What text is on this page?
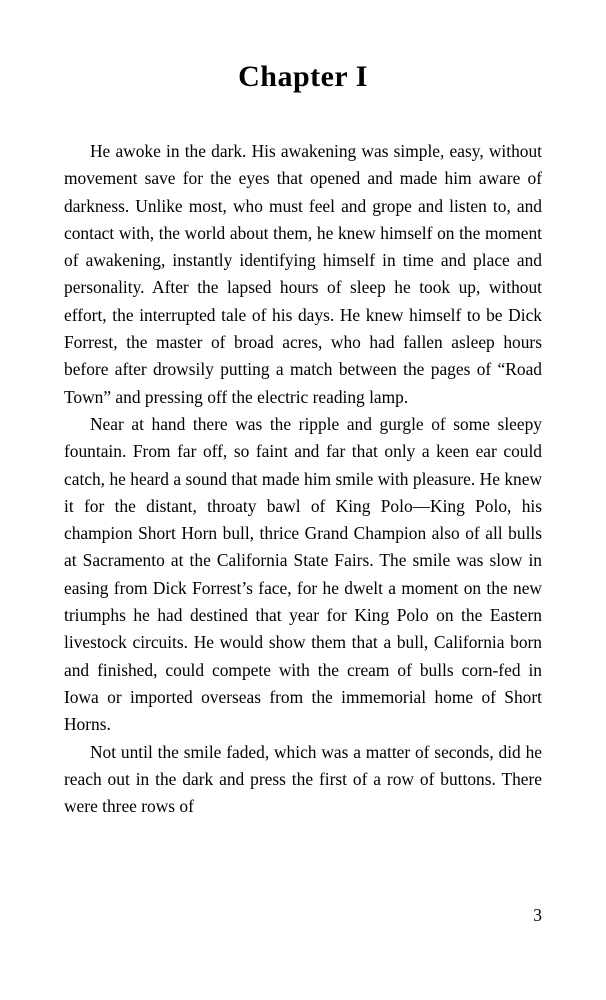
Chapter I

He awoke in the dark. His awakening was simple, easy, without movement save for the eyes that opened and made him aware of darkness. Unlike most, who must feel and grope and listen to, and contact with, the world about them, he knew himself on the moment of awakening, instantly identifying himself in time and place and personality. After the lapsed hours of sleep he took up, without effort, the interrupted tale of his days. He knew himself to be Dick Forrest, the master of broad acres, who had fallen asleep hours before after drowsily putting a match between the pages of “Road Town” and pressing off the electric reading lamp.

Near at hand there was the ripple and gurgle of some sleepy fountain. From far off, so faint and far that only a keen ear could catch, he heard a sound that made him smile with pleasure. He knew it for the distant, throaty bawl of King Polo—King Polo, his champion Short Horn bull, thrice Grand Champion also of all bulls at Sacramento at the California State Fairs. The smile was slow in easing from Dick Forrest’s face, for he dwelt a moment on the new triumphs he had destined that year for King Polo on the Eastern livestock circuits. He would show them that a bull, California born and finished, could compete with the cream of bulls corn-fed in Iowa or imported overseas from the immemorial home of Short Horns.

Not until the smile faded, which was a matter of seconds, did he reach out in the dark and press the first of a row of buttons. There were three rows of

3
